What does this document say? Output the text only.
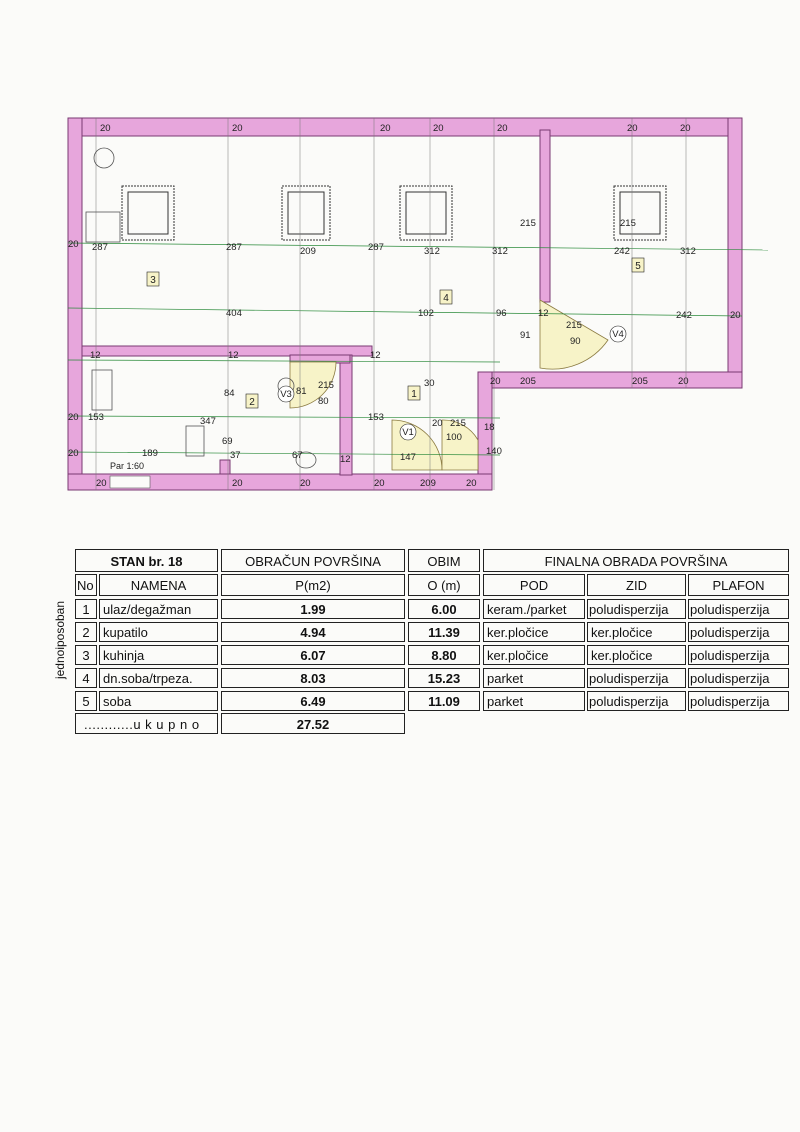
1
2
3
4
5
V1
V3
V4
20	20	20	20	20	20	20
20	20	20	20	209	20
20
20
20
20
287	287	287
404
209
12	12
312
102	96	12
91
215
312
12
30
215
242	312
242
215
90
84
347
153
69
37	67
153
12
81
215
80
189
215
20
100
147
140
18
205	205
20	20
Par 1:60
jednoiposoban
STAN br. 18	OBRAČUN POVRŠINA	OBIM	FINALNA OBRADA POVRŠINA
No	NAMENA	P(m2)	O (m)	POD	ZID	PLAFON
1	ulaz/degažman	1.99	6.00	keram./parket	poludisperzija	poludisperzija
2	kupatilo	4.94	11.39	ker.pločice	ker.pločice	poludisperzija
3	kuhinja	6.07	8.80	ker.pločice	ker.pločice	poludisperzija
4	dn.soba/trpeza.	8.03	15.23	parket	poludisperzija	poludisperzija
5	soba	6.49	11.09	parket	poludisperzija	poludisperzija
............u k u p n o	27.52
